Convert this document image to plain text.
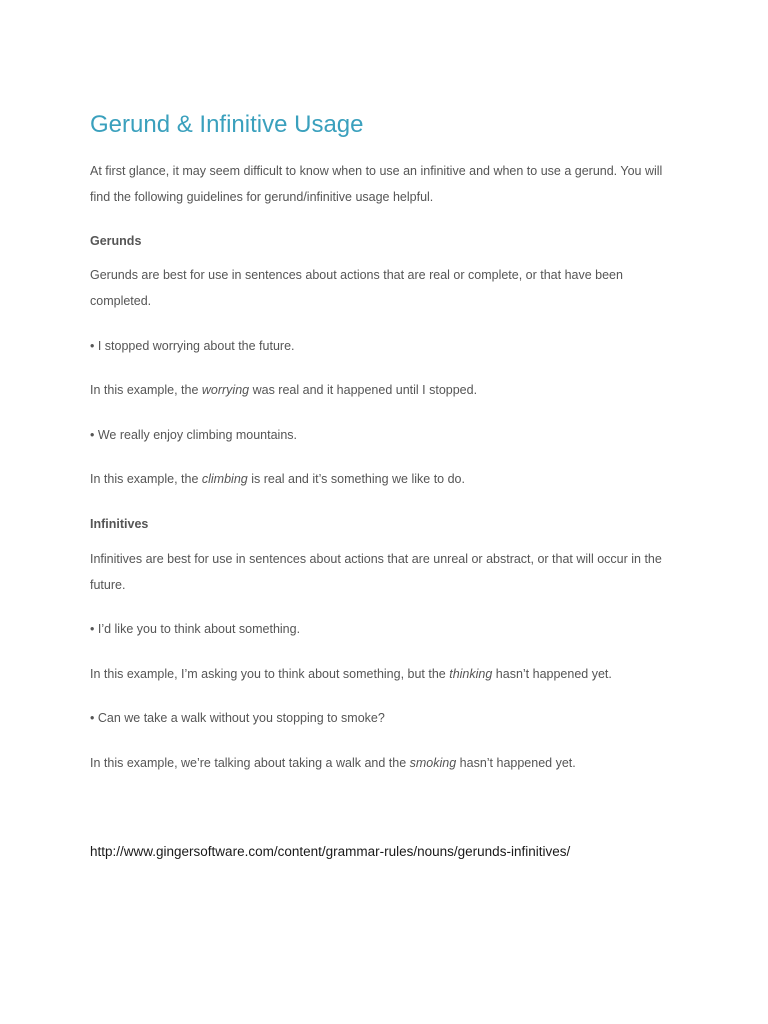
Gerund & Infinitive Usage

At first glance, it may seem difficult to know when to use an infinitive and when to use a gerund. You will find the following guidelines for gerund/infinitive usage helpful.

Gerunds

Gerunds are best for use in sentences about actions that are real or complete, or that have been completed.

• I stopped worrying about the future.

In this example, the worrying was real and it happened until I stopped.

• We really enjoy climbing mountains.

In this example, the climbing is real and it’s something we like to do.

Infinitives

Infinitives are best for use in sentences about actions that are unreal or abstract, or that will occur in the future.

• I’d like you to think about something.

In this example, I’m asking you to think about something, but the thinking hasn’t happened yet.

• Can we take a walk without you stopping to smoke?

In this example, we’re talking about taking a walk and the smoking hasn’t happened yet.

http://www.gingersoftware.com/content/grammar-rules/nouns/gerunds-infinitives/
